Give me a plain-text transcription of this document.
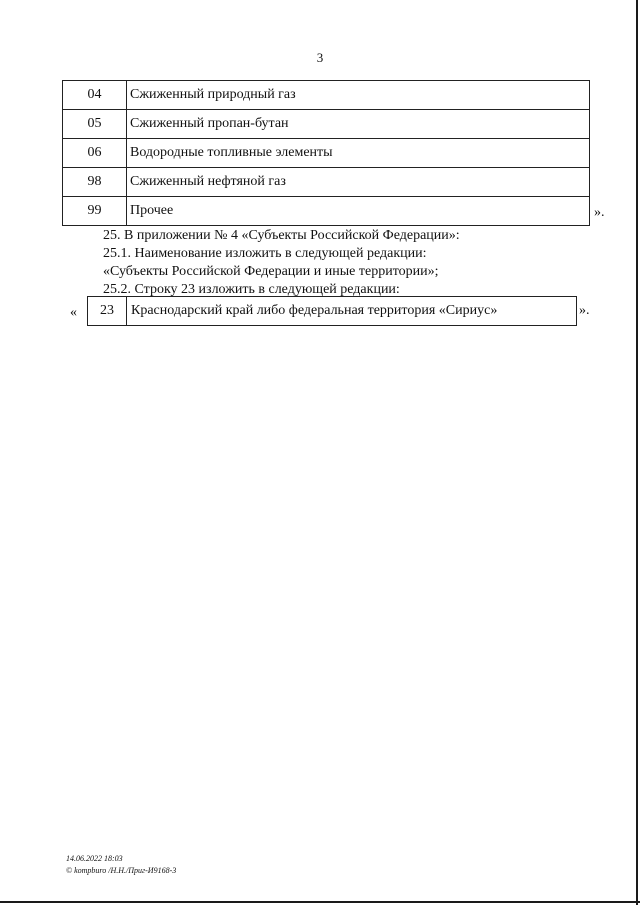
3
04	Сжиженный природный газ
05	Сжиженный пропан-бутан
06	Водородные топливные элементы
98	Сжиженный нефтяной газ
99	Прочее	».
25. В приложении № 4 «Субъекты Российской Федерации»:
25.1. Наименование изложить в следующей редакции:
«Субъекты Российской Федерации и иные территории»;
25.2. Строку 23 изложить в следующей редакции:
« 23	Краснодарский край либо федеральная территория «Сириус»	».
14.06.2022 18:03
© kompburo /Н.Н./Приг-И9168-3
